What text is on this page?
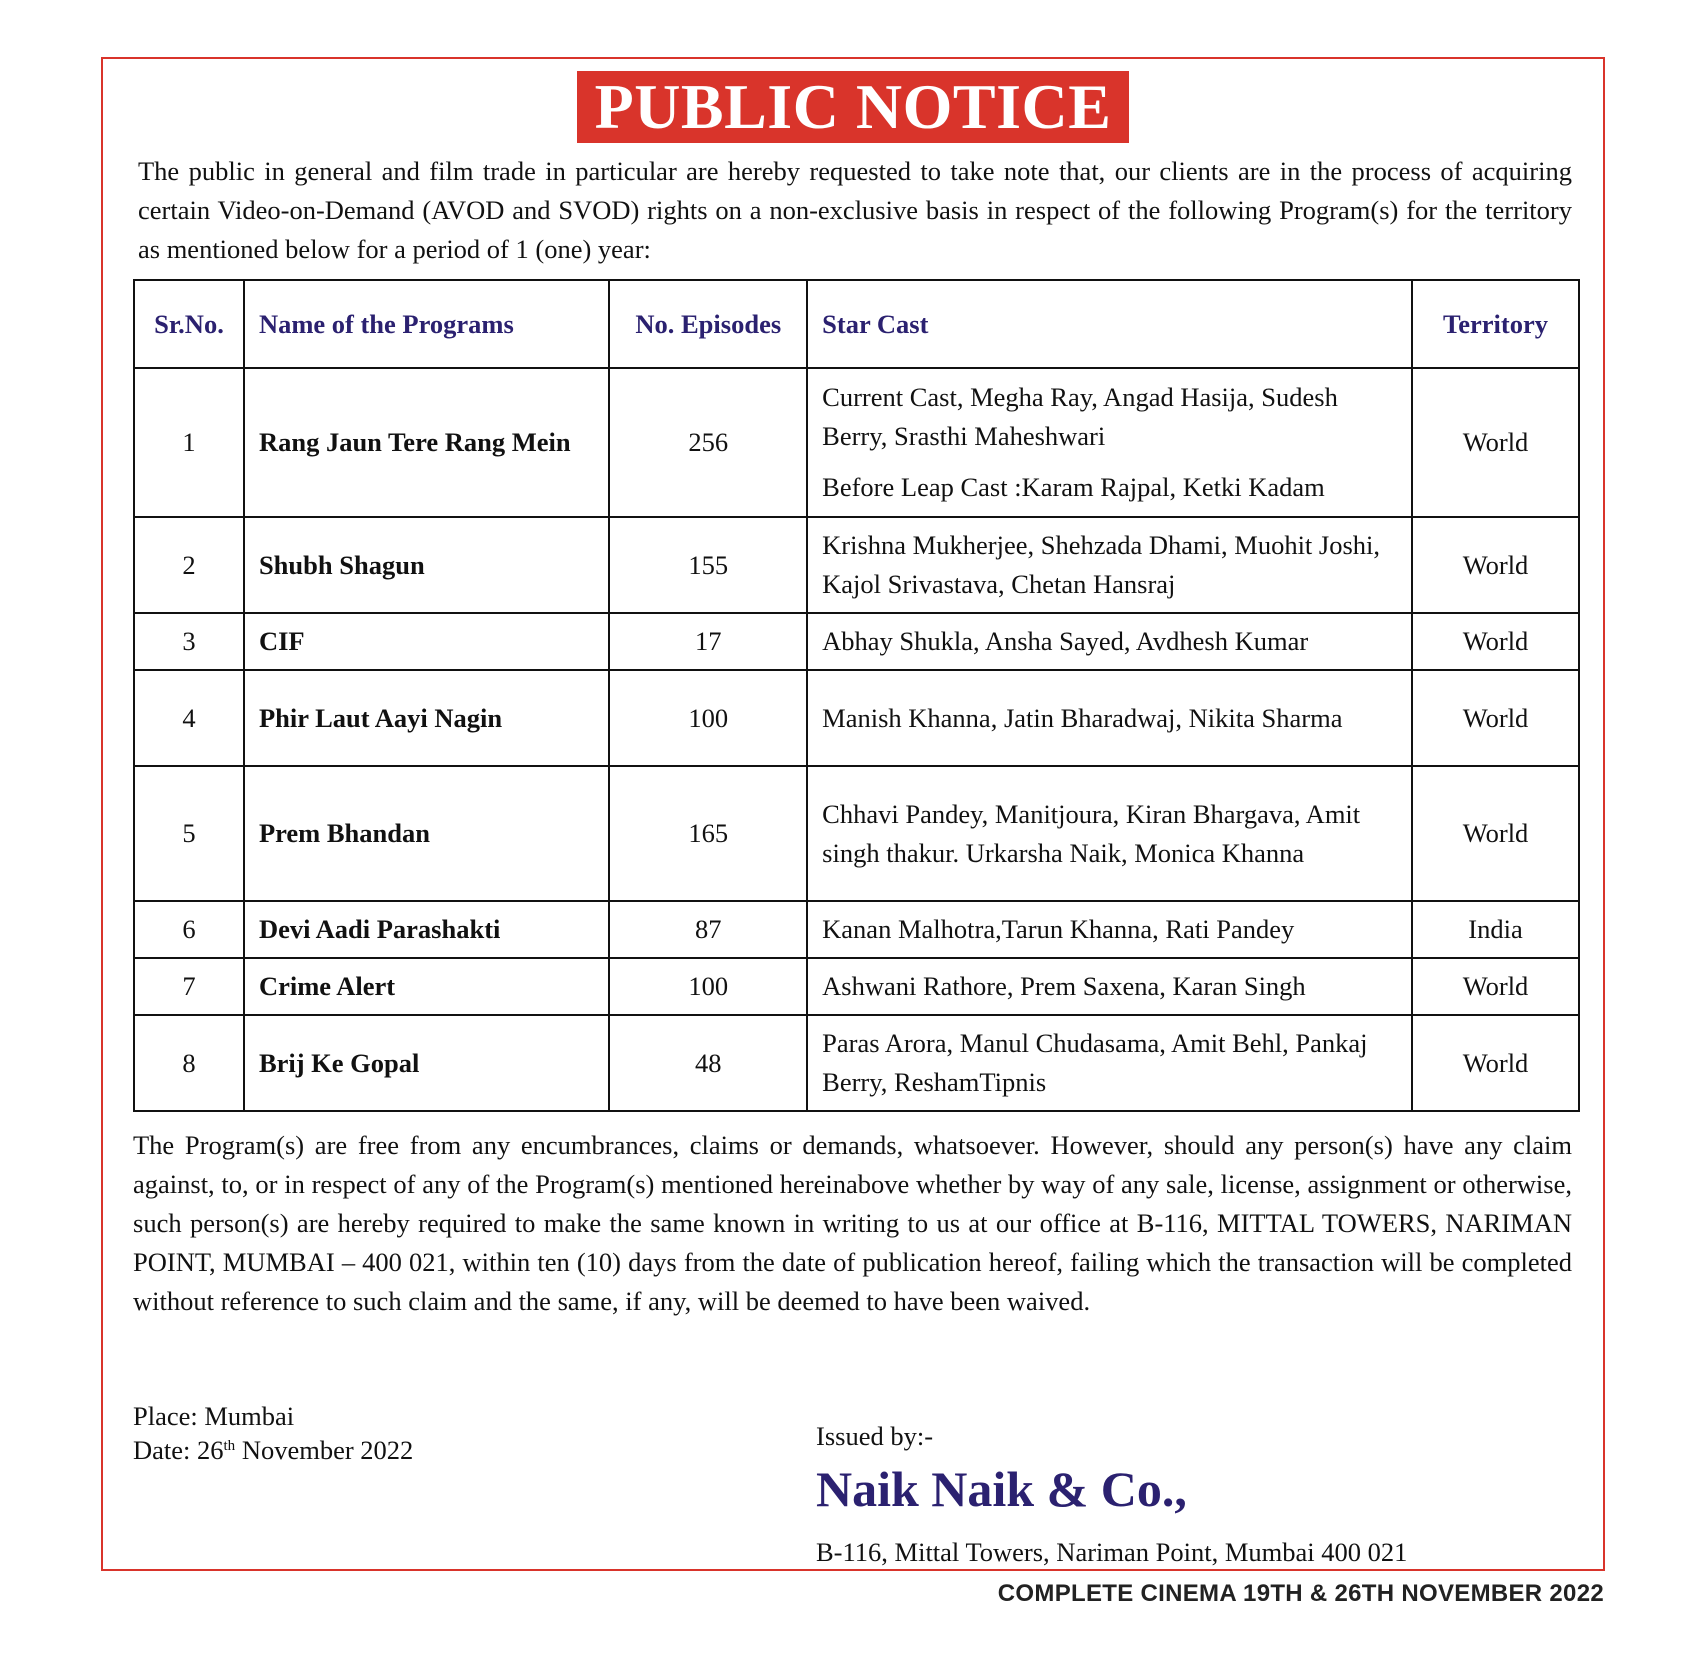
PUBLIC NOTICE

The public in general and film trade in particular are hereby requested to take note that, our clients are in the process of acquiring certain Video-on-Demand (AVOD and SVOD) rights on a non-exclusive basis in respect of the following Program(s) for the territory as mentioned below for a period of 1 (one) year:

Sr.No.	Name of the Programs	No. Episodes	Star Cast	Territory
1	Rang Jaun Tere Rang Mein	256	Current Cast, Megha Ray, Angad Hasija, Sudesh Berry, Srasthi Maheshwari
Before Leap Cast :Karam Rajpal, Ketki Kadam	World
2	Shubh Shagun	155	Krishna Mukherjee, Shehzada Dhami, Muohit Joshi, Kajol Srivastava, Chetan Hansraj	World
3	CIF	17	Abhay Shukla, Ansha Sayed, Avdhesh Kumar	World
4	Phir Laut Aayi Nagin	100	Manish Khanna, Jatin Bharadwaj, Nikita Sharma	World
5	Prem Bhandan	165	Chhavi Pandey, Manitjoura, Kiran Bhargava, Amit singh thakur. Urkarsha Naik, Monica Khanna	World
6	Devi Aadi Parashakti	87	Kanan Malhotra,Tarun Khanna, Rati Pandey	India
7	Crime Alert	100	Ashwani Rathore, Prem Saxena, Karan Singh	World
8	Brij Ke Gopal	48	Paras Arora, Manul Chudasama, Amit Behl, Pankaj Berry, ReshamTipnis	World

The Program(s) are free from any encumbrances, claims or demands, whatsoever. However, should any person(s) have any claim against, to, or in respect of any of the Program(s) mentioned hereinabove whether by way of any sale, license, assignment or otherwise, such person(s) are hereby required to make the same known in writing to us at our office at B-116, MITTAL TOWERS, NARIMAN POINT, MUMBAI – 400 021, within ten (10) days from the date of publication hereof, failing which the transaction will be completed without reference to such claim and the same, if any, will be deemed to have been waived.

Place: Mumbai
Date: 26th November 2022	Issued by:-
Naik Naik & Co.,
B-116, Mittal Towers, Nariman Point, Mumbai 400 021
COMPLETE CINEMA 19TH & 26TH NOVEMBER 2022
